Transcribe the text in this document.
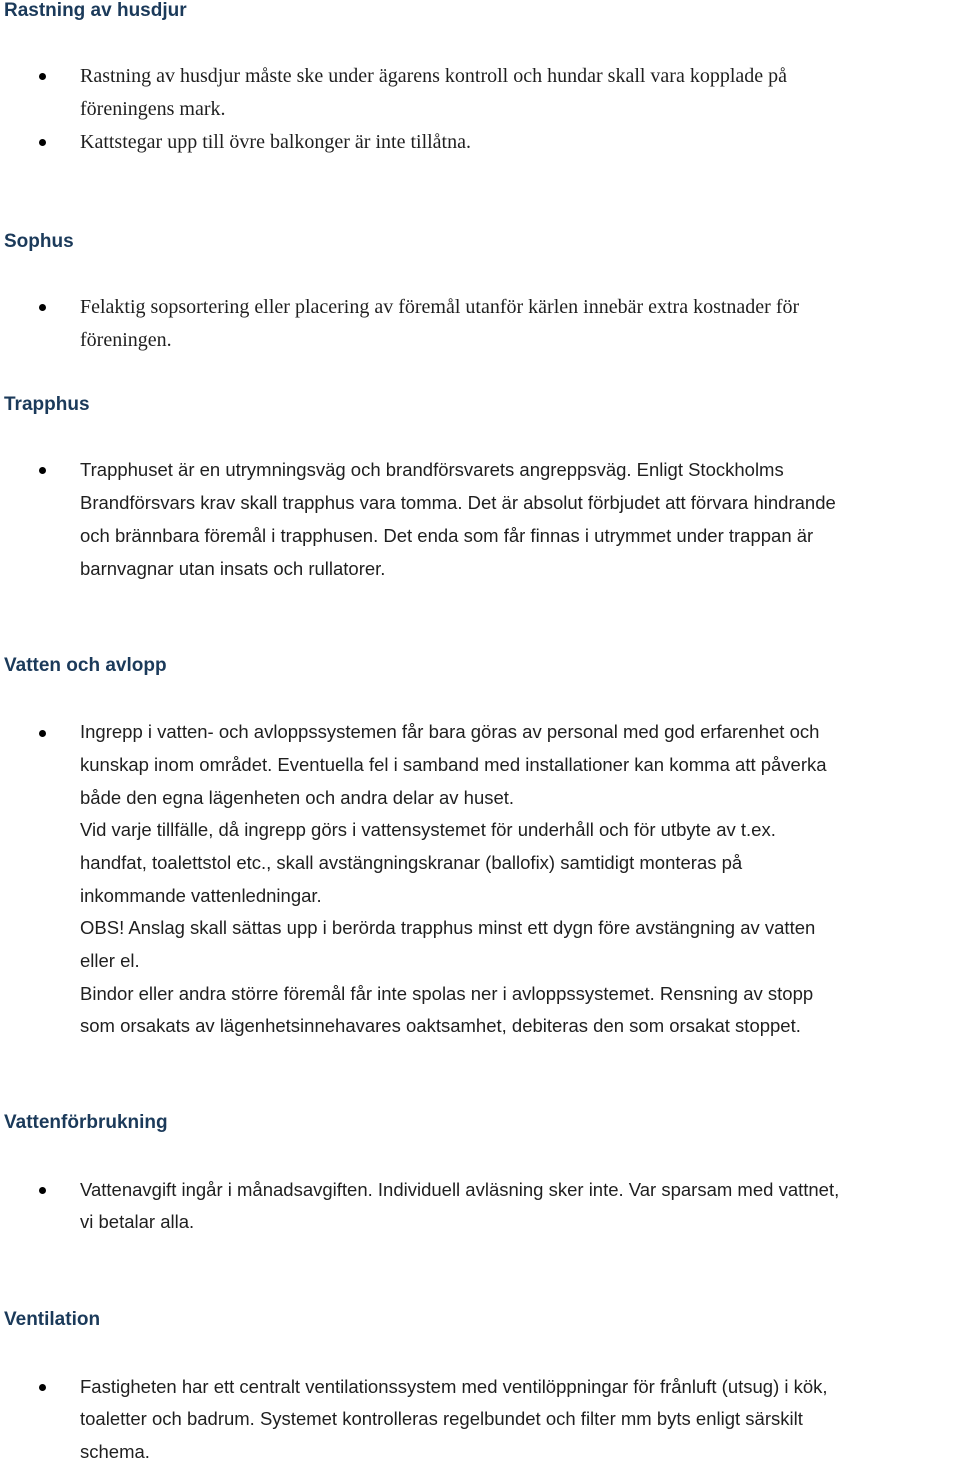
Rastning av husdjur

Rastning av husdjur måste ske under ägarens kontroll och hundar skall vara kopplade på

föreningens mark.

Kattstegar upp till övre balkonger är inte tillåtna.

Sophus

Felaktig sopsortering eller placering av föremål utanför kärlen innebär extra kostnader för

föreningen.

Trapphus

Trapphuset är en utrymningsväg och brandförsvarets angreppsväg. Enligt Stockholms

Brandförsvars krav skall trapphus vara tomma. Det är absolut förbjudet att förvara hindrande

och brännbara föremål i trapphusen. Det enda som får finnas i utrymmet under trappan är

barnvagnar utan insats och rullatorer.

Vatten och avlopp

Ingrepp i vatten- och avloppssystemen får bara göras av personal med god erfarenhet och

kunskap inom området. Eventuella fel i samband med installationer kan komma att påverka

både den egna lägenheten och andra delar av huset.

Vid varje tillfälle, då ingrepp görs i vattensystemet för underhåll och för utbyte av t.ex.

handfat, toalettstol etc., skall avstängningskranar (ballofix) samtidigt monteras på

inkommande vattenledningar.

OBS! Anslag skall sättas upp i berörda trapphus minst ett dygn före avstängning av vatten

eller el.

Bindor eller andra större föremål får inte spolas ner i avloppssystemet. Rensning av stopp

som orsakats av lägenhetsinnehavares oaktsamhet, debiteras den som orsakat stoppet.

Vattenförbrukning

Vattenavgift ingår i månadsavgiften. Individuell avläsning sker inte. Var sparsam med vattnet,

vi betalar alla.

Ventilation

Fastigheten har ett centralt ventilationssystem med ventilöppningar för frånluft (utsug) i kök,

toaletter och badrum. Systemet kontrolleras regelbundet och filter mm byts enligt särskilt

schema.
